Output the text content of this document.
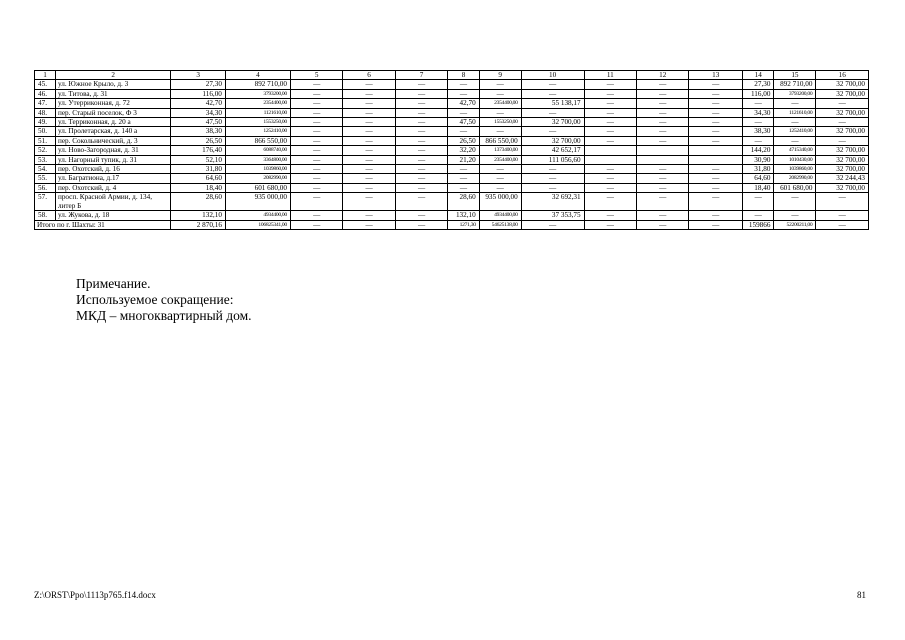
1	2	3	4	5	6	7	8	9	10	11	12	13	14	15	16
45.	ул. Южное Крыло, д. 3	27,30	892 710,00	—	—	—	—	—	—	—	—	—	27,30	892 710,00	32 700,00
46.	ул. Титова, д. 31	116,00	3793200,00	—	—	—	—	—	—	—	—	—	116,00	3793200,00	32 700,00
47.	ул. Утерриконная, д. 72	42,70	2354400,00	—	—	—	42,70	2354400,00	55 138,17	—	—	—	—	—	—
48.	пер. Старый поселок, Ф 3	34,30	1121610,00	—	—	—	—	—	—	—	—	—	34,30	1121610,00	32 700,00
49.	ул. Терриконная, д. 20 а	47,50	1553250,00	—	—	—	47,50	1553250,00	32 700,00	—	—	—	—	—	—
50.	ул. Пролетарская, д. 140 а	38,30	1252410,00	—	—	—	—	—	—	—	—	—	38,30	1252410,00	32 700,00
51.	пер. Сокольнический, д. 3	26,50	866 550,00	—	—	—	26,50	866 550,00	32 700,00	—	—	—	—	—	—
52.	ул. Ново-Загородная, д. 31	176,40	6088740,00	—	—	—	32,20	1373400,00	42 652,17				144,20	4715340,00	32 700,00
53.	ул. Нагорный тупик, д. 31	52,10	3364800,00	—	—	—	21,20	2354400,00	111 056,60				30,90	1010430,00	32 700,00
54.	пер. Охотский, д. 16	31,80	1039860,00	—	—	—	—	—	—	—	—	—	31,80	1039860,00	32 700,00
55.	ул. Багратиона, д.17	64,60	2082990,00	—	—	—	—	—	—	—	—	—	64,60	2082990,00	32 244,43
56.	пер. Охотский, д. 4	18,40	601 680,00	—	—	—	—	—	—	—	—	—	18,40	601 680,00	32 700,00
57.	просп. Красной Армии, д. 134, литер Б	28,60	935 000,00	—	—	—	28,60	935 000,00	32 692,31	—	—	—	—	—	—
58.	ул. Жукова, д. 18	132,10	4934400,00	—	—	—	132,10	4934400,00	37 353,75	—	—	—	—	—	—
Итого по г. Шахты: 31		2 870,16	106825341,00	—	—	—	1271,30	54625138,00	—	—	—	—	159866	52200211,00	—
Примечание.
Используемое сокращение:
МКД – многоквартирный дом.
Z:\ORST\Ppo\1113p765.f14.docx	81
